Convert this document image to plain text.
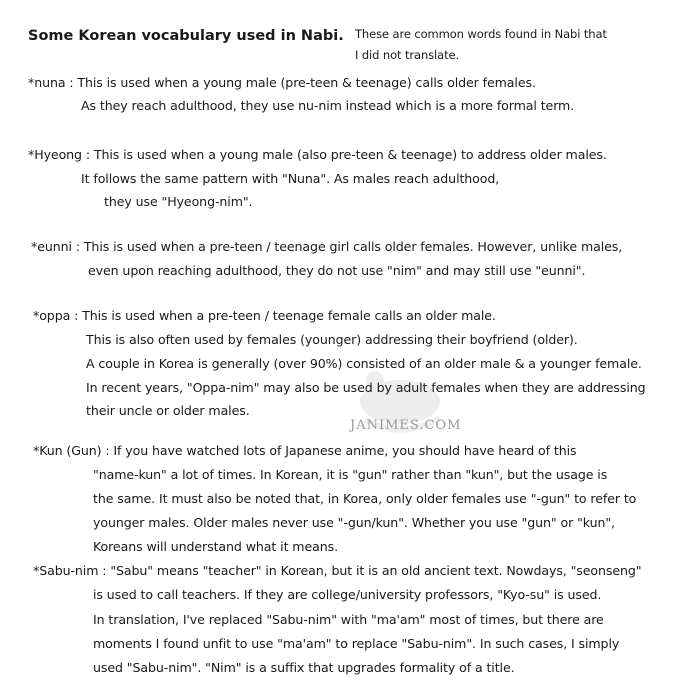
JANIMES.COM
Some Korean vocabulary used in Nabi. These are common words found in Nabi that
I did not translate.
*nuna : This is used when a young male (pre-teen & teenage) calls older females.
As they reach adulthood, they use nu-nim instead which is a more formal term.
*Hyeong : This is used when a young male (also pre-teen & teenage) to address older males.
It follows the same pattern with "Nuna". As males reach adulthood,
they use "Hyeong-nim".
*eunni : This is used when a pre-teen / teenage girl calls older females. However, unlike males,
even upon reaching adulthood, they do not use "nim" and may still use "eunni".
*oppa : This is used when a pre-teen / teenage female calls an older male.
This is also often used by females (younger) addressing their boyfriend (older).
A couple in Korea is generally (over 90%) consisted of an older male & a younger female.
In recent years, "Oppa-nim" may also be used by adult females when they are addressing
their uncle or older males.
*Kun (Gun) : If you have watched lots of Japanese anime, you should have heard of this
"name-kun" a lot of times. In Korean, it is "gun" rather than "kun", but the usage is
the same. It must also be noted that, in Korea, only older females use "-gun" to refer to
younger males. Older males never use "-gun/kun". Whether you use "gun" or "kun",
Koreans will understand what it means.
*Sabu-nim : "Sabu" means "teacher" in Korean, but it is an old ancient text. Nowdays, "seonseng"
is used to call teachers. If they are college/university professors, "Kyo-su" is used.
In translation, I've replaced "Sabu-nim" with "ma'am" most of times, but there are
moments I found unfit to use "ma'am" to replace "Sabu-nim". In such cases, I simply
used "Sabu-nim". "Nim" is a suffix that upgrades formality of a title.
